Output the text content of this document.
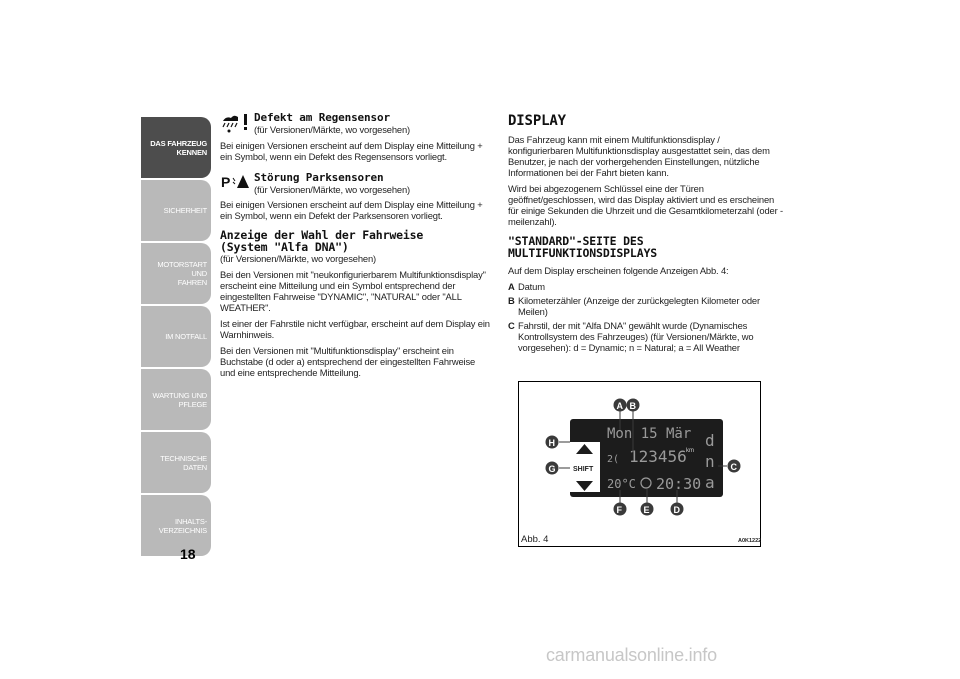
DAS FAHRZEUG
KENNEN
SICHERHEIT
MOTORSTART UND
FAHREN
IM NOTFALL
WARTUNG UND
PFLEGE
TECHNISCHE DATEN
INHALTS-
VERZEICHNIS
18
Defekt am Regensensor
(für Versionen/Märkte, wo vorgesehen)

Bei einigen Versionen erscheint auf dem Display eine Mitteilung + ein Symbol, wenn ein Defekt des Regensensors vorliegt.

P Störung Parksensoren
(für Versionen/Märkte, wo vorgesehen)

Bei einigen Versionen erscheint auf dem Display eine Mitteilung + ein Symbol, wenn ein Defekt der Parksensoren vorliegt.

Anzeige der Wahl der Fahrweise
(System "Alfa DNA")

(für Versionen/Märkte, wo vorgesehen)

Bei den Versionen mit "neukonfigurierbarem Multifunktionsdisplay" erscheint eine Mitteilung und ein Symbol entsprechend der eingestellten Fahrweise "DYNAMIC", "NATURAL" oder "ALL WEATHER".

Ist einer der Fahrstile nicht verfügbar, erscheint auf dem Display ein Warnhinweis.

Bei den Versionen mit "Multifunktionsdisplay" erscheint ein Buchstabe (d oder a) entsprechend der eingestellten Fahrweise und eine entsprechende Mitteilung.

DISPLAY

Das Fahrzeug kann mit einem Multifunktionsdisplay / konfigurierbaren Multifunktionsdisplay ausgestattet sein, das dem Benutzer, je nach der vorhergehenden Einstellungen, nützliche Informationen bei der Fahrt bieten kann.

Wird bei abgezogenem Schlüssel eine der Türen geöffnet/geschlossen, wird das Display aktiviert und es erscheinen für einige Sekunden die Uhrzeit und die Gesamtkilometerzahl (oder -meilenzahl).

"STANDARD"-SEITE DES
MULTIFUNKTIONSDISPLAYS

Auf dem Display erscheinen folgende Anzeigen Abb. 4:

A Datum
B Kilometerzähler (Anzeige der zurückgelegten Kilometer oder Meilen)
C Fahrstil, der mit "Alfa DNA" gewählt wurde (Dynamisches Kontrollsystem des Fahrzeuges) (für Versionen/Märkte, wo vorgesehen): d = Dynamic; n = Natural; a = All Weather
SHIFT
Mon 15 Mär
2( 123456 km
20°C 20:30
d
n
a
A B
C
D
E
F
G
H
Abb. 4	A0K1222
carmanualsonline.info
